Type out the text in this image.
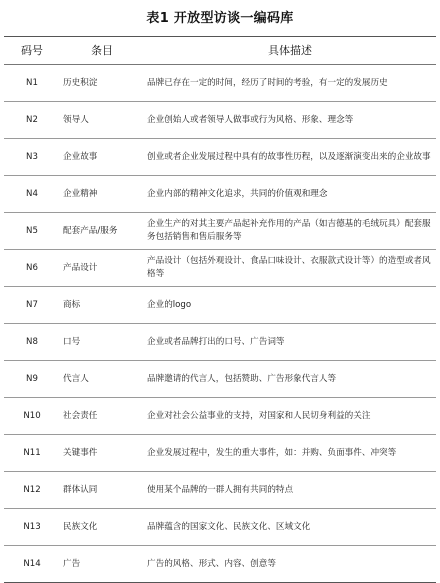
表1 开放型访谈一编码库
码号	条目	具体描述
N1	历史积淀	品牌已存在一定的时间，经历了时间的考验，有一定的发展历史
N2	领导人	企业创始人或者领导人做事或行为风格、形象、理念等
N3	企业故事	创业或者企业发展过程中具有的故事性历程，以及逐渐演变出来的企业故事
N4	企业精神	企业内部的精神文化追求，共同的价值观和理念
N5	配套产品/服务	企业生产的对其主要产品起补充作用的产品（如吉德基的毛绒玩具）配套服务包括销售和售后服务等
N6	产品设计	产品设计（包括外观设计、食品口味设计、衣服款式设计等）的造型或者风格等
N7	商标	企业的logo
N8	口号	企业或者品牌打出的口号、广告词等
N9	代言人	品牌邀请的代言人，包括赞助、广告形象代言人等
N10	社会责任	企业对社会公益事业的支持，对国家和人民切身利益的关注
N11	关键事件	企业发展过程中，发生的重大事件，如：并购、负面事件、冲突等
N12	群体认同	使用某个品牌的一群人拥有共同的特点
N13	民族文化	品牌蕴含的国家文化、民族文化、区域文化
N14	广告	广告的风格、形式、内容、创意等
